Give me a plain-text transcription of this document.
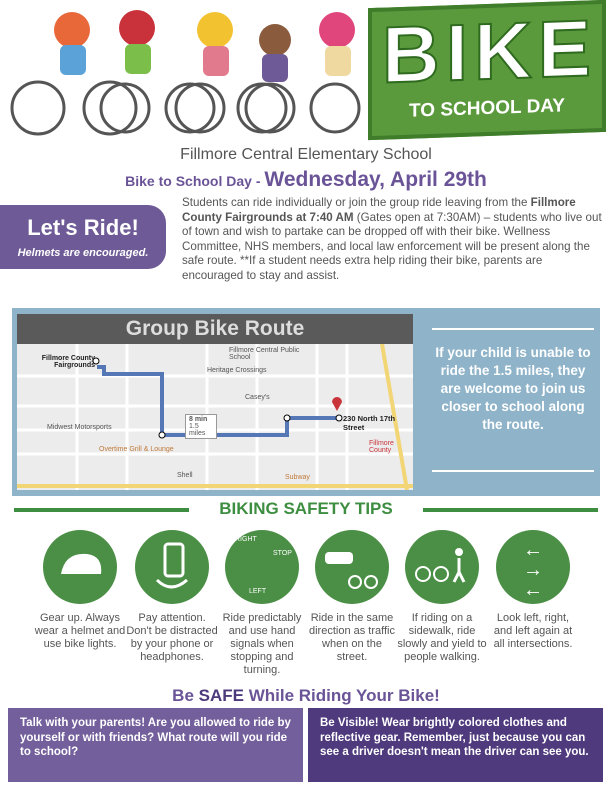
BIKE
TO SCHOOL DAY
Fillmore Central Elementary School
Bike to School Day - Wednesday, April 29th
Let's Ride!
Helmets are encouraged.
Students can ride individually or join the group ride leaving from the Fillmore County Fairgrounds at 7:40 AM (Gates open at 7:30AM) – students who live out of town and wish to partake can be dropped off with their bike. Wellness Committee, NHS members, and local law enforcement will be present along the safe route. **If a student needs extra help riding their bike, parents are encouraged to stay and assist.
Group Bike Route
Fillmore County Fairgrounds
230 North 17th Street
8 min
1.5 miles
Fillmore Central Public School
Heritage Crossings
Casey's
Midwest Motorsports
Overtime Grill & Lounge
Shell	Subway
Fillmore County
If your child is unable to ride the 1.5 miles, they are welcome to join us closer to school along the route.
BIKING SAFETY TIPS
Gear up. Always wear a helmet and use bike lights.
Pay attention. Don't be distracted by your phone or headphones.
RIGHT
STOP
LEFT
Ride predictably and use hand signals when stopping and turning.
Ride in the same direction as traffic when on the street.
If riding on a sidewalk, ride slowly and yield to people walking.
←
→
←
Look left, right, and left again at all intersections.
Be SAFE While Riding Your Bike!
Talk with your parents! Are you allowed to ride by yourself or with friends? What route will you ride to school?
Be Visible! Wear brightly colored clothes and reflective gear. Remember, just because you can see a driver doesn't mean the driver can see you.
